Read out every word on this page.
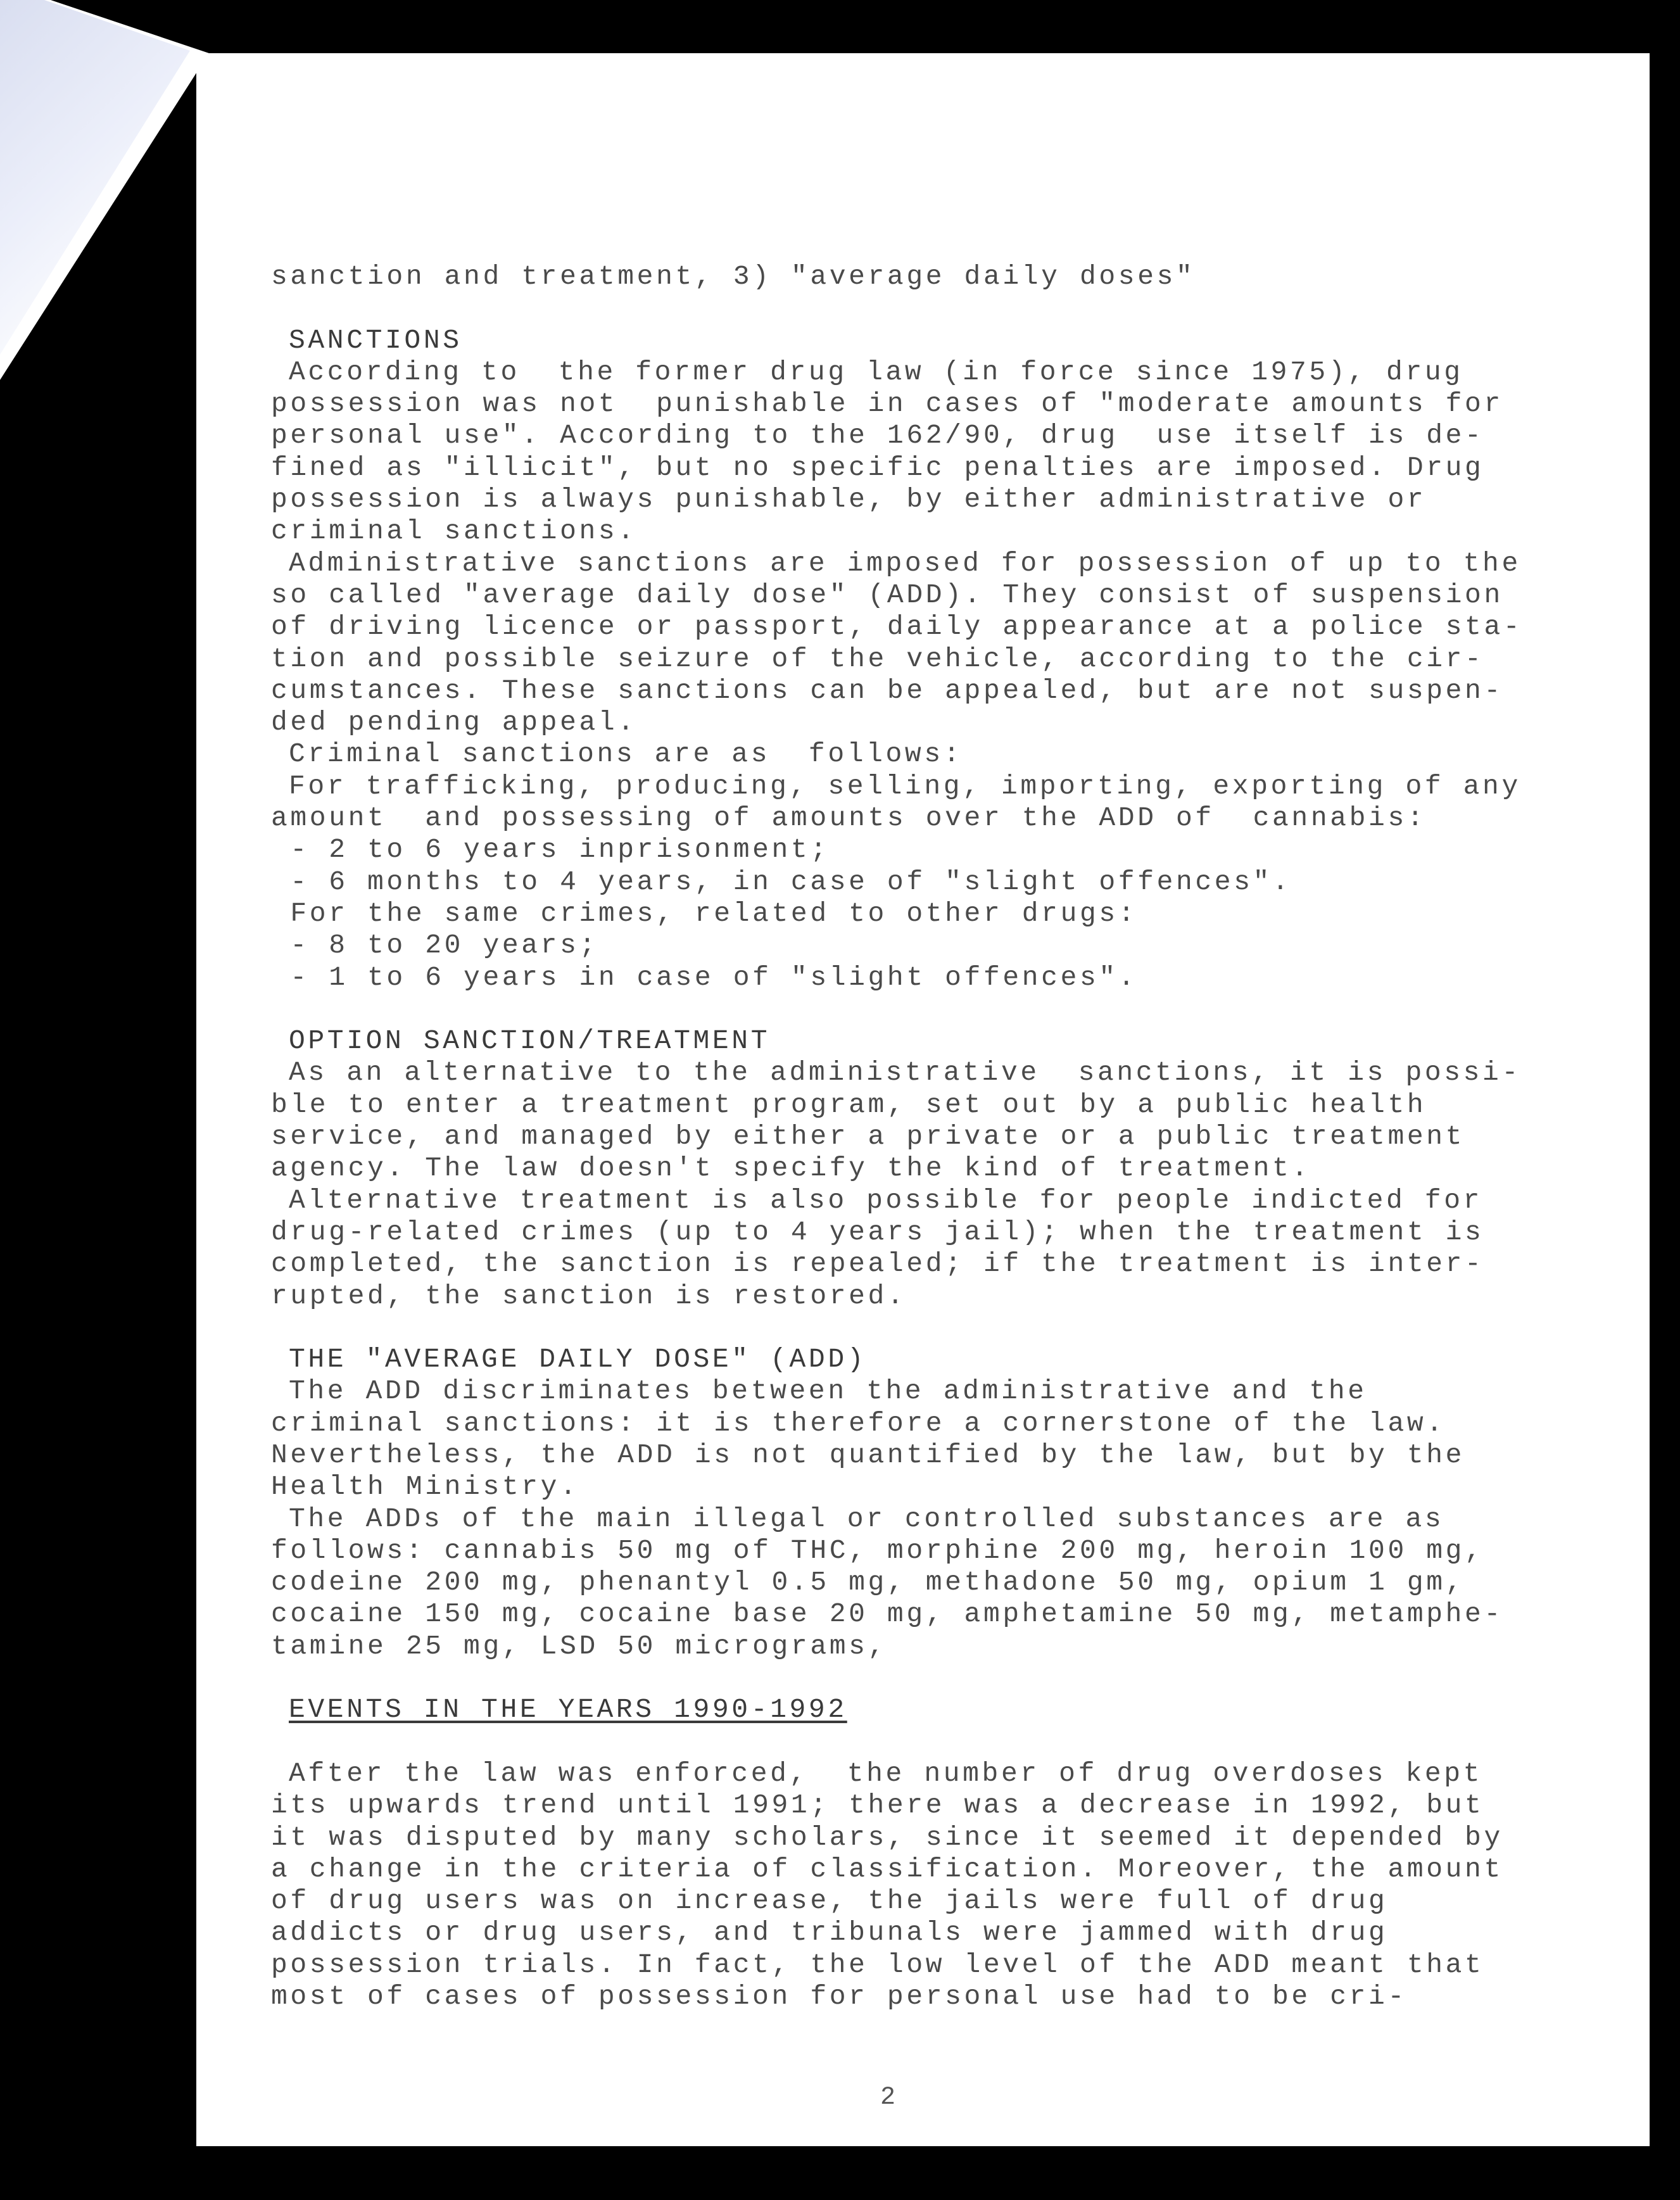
sanction and treatment, 3) "average daily doses"
SANCTIONS
According to  the former drug law (in force since 1975), drug
possession was not  punishable in cases of "moderate amounts for
personal use". According to the 162/90, drug  use itself is de-
fined as "illicit", but no specific penalties are imposed. Drug
possession is always punishable, by either administrative or
criminal sanctions.
Administrative sanctions are imposed for possession of up to the
so called "average daily dose" (ADD). They consist of suspension
of driving licence or passport, daily appearance at a police sta-
tion and possible seizure of the vehicle, according to the cir-
cumstances. These sanctions can be appealed, but are not suspen-
ded pending appeal.
Criminal sanctions are as  follows:
For trafficking, producing, selling, importing, exporting of any
amount  and possessing of amounts over the ADD of  cannabis:
- 2 to 6 years inprisonment;
- 6 months to 4 years, in case of "slight offences".
For the same crimes, related to other drugs:
- 8 to 20 years;
- 1 to 6 years in case of "slight offences".
OPTION SANCTION/TREATMENT
As an alternative to the administrative  sanctions, it is possi-
ble to enter a treatment program, set out by a public health
service, and managed by either a private or a public treatment
agency. The law doesn't specify the kind of treatment.
Alternative treatment is also possible for people indicted for
drug-related crimes (up to 4 years jail); when the treatment is
completed, the sanction is repealed; if the treatment is inter-
rupted, the sanction is restored.
THE "AVERAGE DAILY DOSE" (ADD)
The ADD discriminates between the administrative and the
criminal sanctions: it is therefore a cornerstone of the law.
Nevertheless, the ADD is not quantified by the law, but by the
Health Ministry.
The ADDs of the main illegal or controlled substances are as
follows: cannabis 50 mg of THC, morphine 200 mg, heroin 100 mg,
codeine 200 mg, phenantyl 0.5 mg, methadone 50 mg, opium 1 gm,
cocaine 150 mg, cocaine base 20 mg, amphetamine 50 mg, metamphe-
tamine 25 mg, LSD 50 micrograms,
EVENTS IN THE YEARS 1990-1992
After the law was enforced,  the number of drug overdoses kept
its upwards trend until 1991; there was a decrease in 1992, but
it was disputed by many scholars, since it seemed it depended by
a change in the criteria of classification. Moreover, the amount
of drug users was on increase, the jails were full of drug
addicts or drug users, and tribunals were jammed with drug
possession trials. In fact, the low level of the ADD meant that
most of cases of possession for personal use had to be cri-
2
